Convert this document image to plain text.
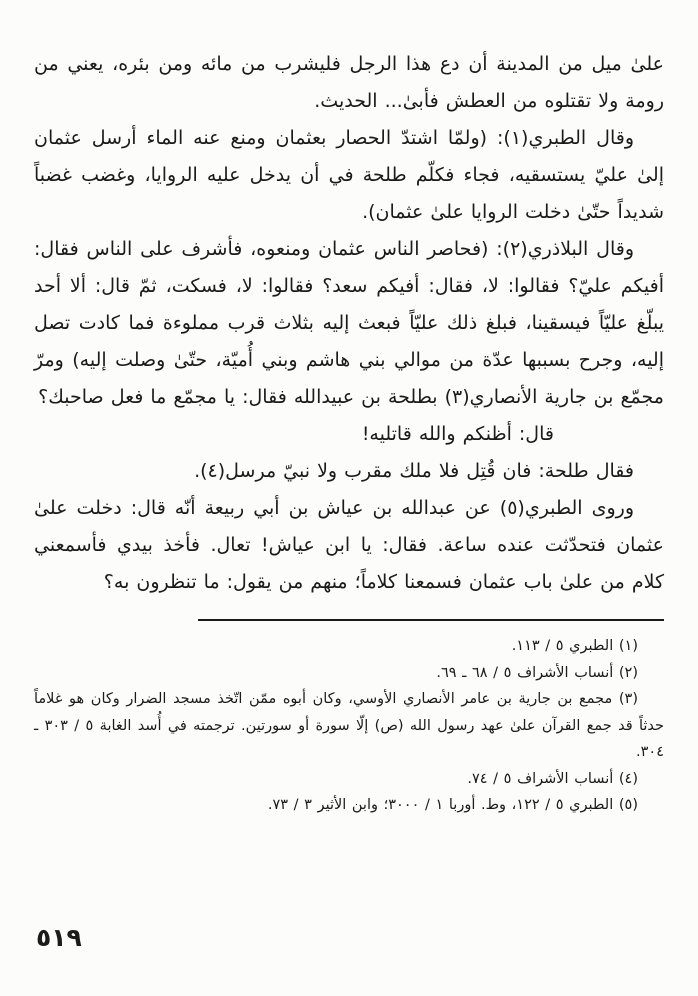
علىٰ ميل من المدينة أن دع هذا الرجل فليشرب من مائه ومن بئره، يعني من رومة ولا تقتلوه من العطش فأبىٰ... الحديث.

وقال الطبري(١): (ولمّا اشتدّ الحصار بعثمان ومنع عنه الماء أرسل عثمان إلىٰ عليّ يستسقيه، فجاء فكلّم طلحة في أن يدخل عليه الروايا، وغضب غضباً شديداً حتّىٰ دخلت الروايا علىٰ عثمان).

وقال البلاذري(٢): (فحاصر الناس عثمان ومنعوه، فأشرف على الناس فقال: أفيكم عليّ؟ فقالوا: لا، فقال: أفيكم سعد؟ فقالوا: لا، فسكت، ثمّ قال: ألا أحد يبلّغ عليّاً فيسقينا، فبلغ ذلك عليّاً فبعث إليه بثلاث قرب مملوءة فما كادت تصل إليه، وجرح بسببها عدّة من موالي بني هاشم وبني أُميّة، حتّىٰ وصلت إليه) ومرّ مجمّع بن جارية الأنصاري(٣) بطلحة بن عبيدالله فقال: يا مجمّع ما فعل صاحبك؟

قال: أظنكم والله قاتليه!

فقال طلحة: فان قُتِل فلا ملك مقرب ولا نبيّ مرسل(٤).

وروى الطبري(٥) عن عبدالله بن عياش بن أبي ربيعة أنّه قال: دخلت علىٰ عثمان فتحدّثت عنده ساعة. فقال: يا ابن عياش! تعال. فأخذ بيدي فأسمعني كلام من علىٰ باب عثمان فسمعنا كلاماً؛ منهم من يقول: ما تنظرون به؟

(١) الطبري ٥ / ١١٣.

(٢) أنساب الأشراف ٥ / ٦٨ ـ ٦٩.

(٣) مجمع بن جارية بن عامر الأنصاري الأوسي، وكان أبوه ممّن اتّخذ مسجد الضرار وكان هو غلاماً حدثاً قد جمع القرآن علىٰ عهد رسول الله (ص) إلّا سورة أو سورتين. ترجمته في أُسد الغابة ٥ / ٣٠٣ ـ ٣٠٤.

(٤) أنساب الأشراف ٥ / ٧٤.

(٥) الطبري ٥ / ١٢٢، وط. أوربا ١ / ٣٠٠٠؛ وابن الأثير ٣ / ٧٣.

٥١٩
